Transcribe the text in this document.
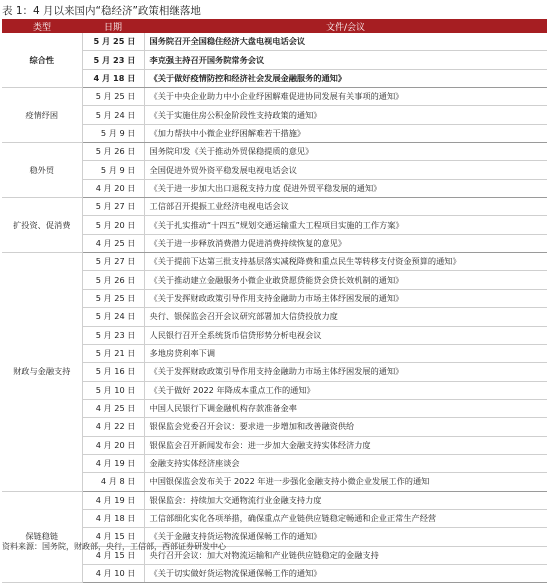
表 1：4 月以来国内“稳经济”政策相继落地
类型	日期	文件/会议
综合性	5 月 25 日	国务院召开全国稳住经济大盘电视电话会议
	5 月 23 日	李克强主持召开国务院常务会议
	4 月 18 日	《关于做好疫情防控和经济社会发展金融服务的通知》
疫情纾困	5 月 25 日	《关于中央企业助力中小企业纾困解难促进协同发展有关事项的通知》
	5 月 24 日	《关于实施住房公积金阶段性支持政策的通知》
	5 月 9 日	《加力帮扶中小微企业纾困解难若干措施》
稳外贸	5 月 26 日	国务院印发《关于推动外贸保稳提质的意见》
	5 月 9 日	全国促进外贸外资平稳发展电视电话会议
	4 月 20 日	《关于进一步加大出口退税支持力度 促进外贸平稳发展的通知》
扩投资、促消费	5 月 27 日	工信部召开提振工业经济电视电话会议
	5 月 20 日	《关于扎实推动“十四五”规划交通运输重大工程项目实施的工作方案》
	4 月 25 日	《关于进一步释放消费潜力促进消费持续恢复的意见》
财政与金融支持	5 月 27 日	《关于提前下达第三批支持基层落实减税降费和重点民生等转移支付资金预算的通知》
	5 月 26 日	《关于推动建立金融服务小微企业敢贷愿贷能贷会贷长效机制的通知》
	5 月 25 日	《关于发挥财政政策引导作用支持金融助力市场主体纾困发展的通知》
	5 月 24 日	央行、银保监会召开会议研究部署加大信贷投放力度
	5 月 23 日	人民银行召开全系统货币信贷形势分析电视会议
	5 月 21 日	多地房贷利率下调
	5 月 16 日	《关于发挥财政政策引导作用支持金融助力市场主体纾困发展的通知》
	5 月 10 日	《关于做好 2022 年降成本重点工作的通知》
	4 月 25 日	中国人民银行下调金融机构存款准备金率
	4 月 22 日	银保监会党委召开会议：要求进一步增加和改善融资供给
	4 月 20 日	银保监会召开新闻发布会：进一步加大金融支持实体经济力度
	4 月 19 日	金融支持实体经济座谈会
	4 月 8 日	中国银保监会发布关于 2022 年进一步强化金融支持小微企业发展工作的通知
保链稳链	4 月 19 日	银保监会：持续加大交通物流行业金融支持力度
	4 月 18 日	工信部细化实化各项举措，确保重点产业链供应链稳定畅通和企业正常生产经营
	4 月 15 日	《关于金融支持货运物流保通保畅工作的通知》
	4 月 15 日	央行召开会议：加大对物流运输和产业链供应链稳定的金融支持
	4 月 10 日	《关于切实做好货运物流保通保畅工作的通知》
资料来源：国务院，财政部，央行，工信部，西部证券研发中心
